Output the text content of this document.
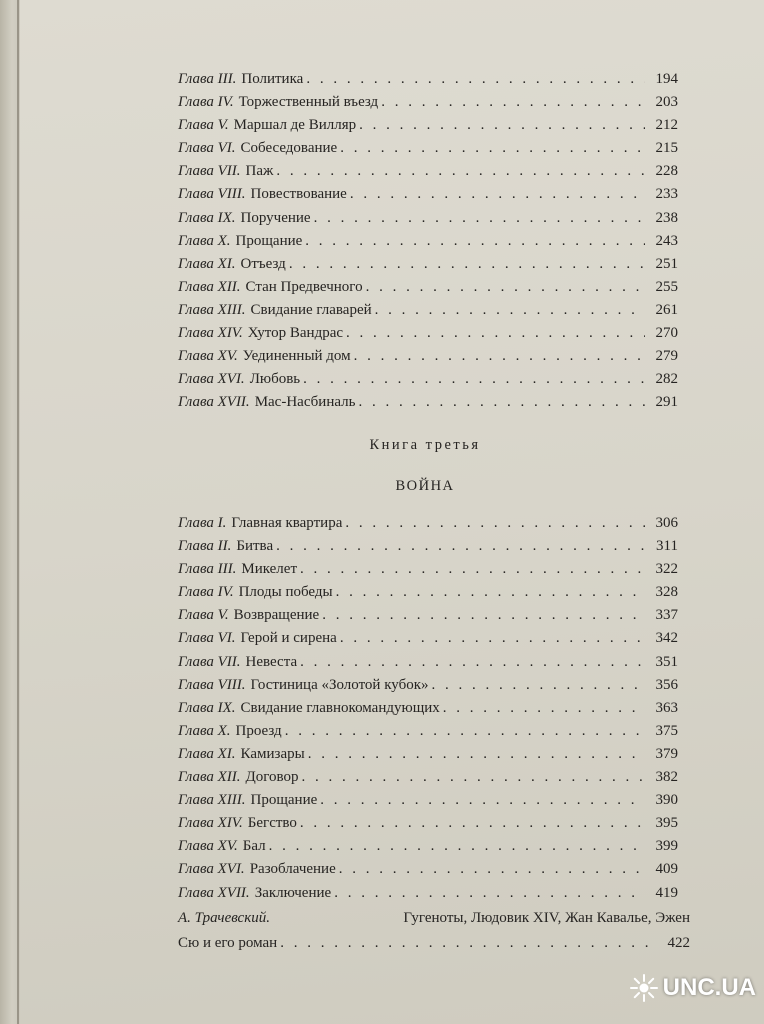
Глава III. Политика . . .	194
Глава IV. Торжественный въезд . . .	203
Глава V. Маршал де Вилляр . . .	212
Глава VI. Собеседование . . .	215
Глава VII. Паж . . .	228
Глава VIII. Повествование . . .	233
Глава IX. Поручение . . .	238
Глава X. Прощание . . .	243
Глава XI. Отъезд . . .	251
Глава XII. Стан Предвечного . . .	255
Глава XIII. Свидание главарей . . .	261
Глава XIV. Хутор Вандрас . . .	270
Глава XV. Уединенный дом . . .	279
Глава XVI. Любовь . . .	282
Глава XVII. Мас-Насбиналь . . .	291
Книга третья
ВОЙНА
Глава I. Главная квартира . . .	306
Глава II. Битва . . .	311
Глава III. Микелет . . .	322
Глава IV. Плоды победы . . .	328
Глава V. Возвращение . . .	337
Глава VI. Герой и сирена . . .	342
Глава VII. Невеста . . .	351
Глава VIII. Гостиница «Золотой кубок» . . .	356
Глава IX. Свидание главнокомандующих . . .	363
Глава X. Проезд . . .	375
Глава XI. Камизары . . .	379
Глава XII. Договор . . .	382
Глава XIII. Прощание . . .	390
Глава XIV. Бегство . . .	395
Глава XV. Бал . . .	399
Глава XVI. Разоблачение . . .	409
Глава XVII. Заключение . . .	419
А. Трачевский.	Гугеноты, Людовик XIV, Жан Кавалье, Эжен
Сю и его роман . . .	422
UNC.UA
